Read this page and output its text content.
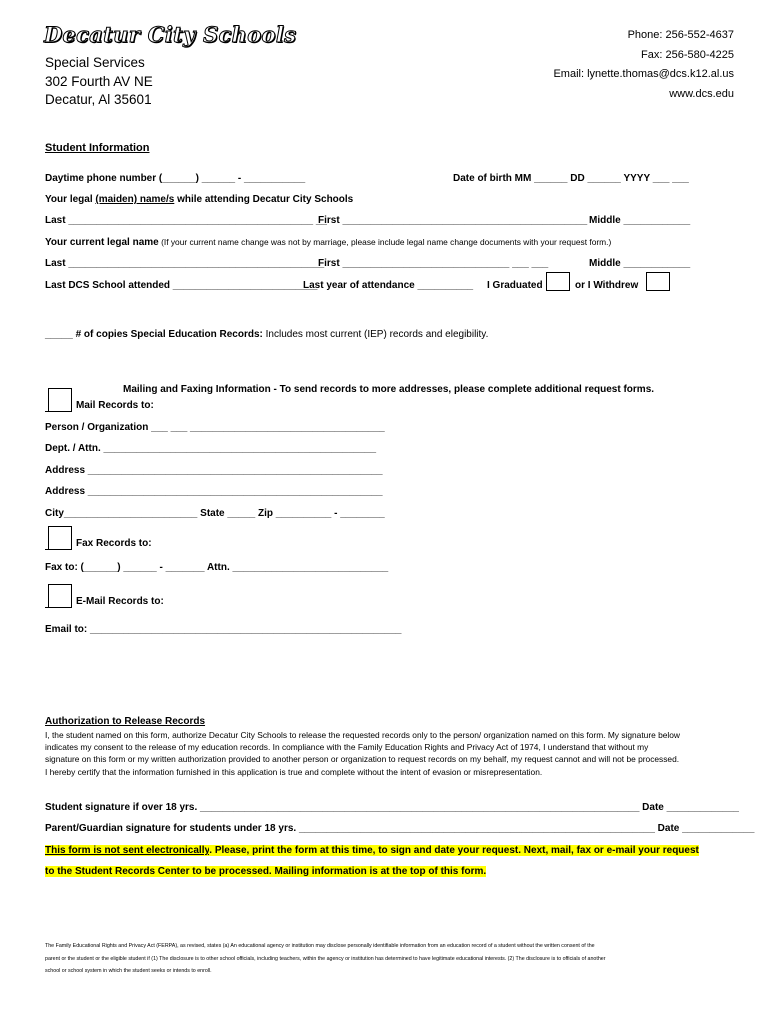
Decatur City Schools
Special Services
302 Fourth AV NE
Decatur, Al 35601
Phone: 256-552-4637
Fax: 256-580-4225
Email: lynette.thomas@dcs.k12.al.us
www.dcs.edu
Student Information
Daytime phone number (______) ______ - ___________	Date of birth MM ______ DD ______ YYYY ___ ___
Your legal (maiden) name/s while attending Decatur City Schools
Last ____________________________________________ __
First ____________________________________________ Middle ____________
Your current legal name (If your current name change was not by marriage, please include legal name change documents with your request form.)
Last ______________________________________________
First ______________________________ ___ ___	Middle ____________
Last DCS School attended __________________________
Last year of attendance __________ I Graduated	or I Withdrew
_____ # of copies Special Education Records: Includes most current (IEP) records and elegibility.
Mailing and Faxing Information - To send records to more addresses, please complete additional request forms.
Mail Records to:
Person / Organization ___ ___ ___________________________________
Dept. / Attn. _________________________________________________
Address _____________________________________________________
Address _____________________________________________________
City________________________ State _____ Zip __________ - ________
Fax Records to:
Fax to: (______) ______ - _______ Attn. ____________________________
E-Mail Records to:
Email to: ________________________________________________________
Authorization to Release Records
I, the student named on this form, authorize Decatur City Schools to release the requested records only to the person/ organization named on this form. My signature below
indicates my consent to the release of my education records. In compliance with the Family Education Rights and Privacy Act of 1974, I understand that without my
signature on this form or my written authorization provided to another person or organization to request records on my behalf, my request cannot and will not be processed.
I hereby certify that the information furnished in this application is true and complete without the intent of evasion or misrepresentation.
Student signature if over 18 yrs. _______________________________________________________________________________ Date _____________
Parent/Guardian signature for students under 18 yrs. ________________________________________________________________ Date _____________
This form is not sent electronically. Please, print the form at this time, to sign and date your request. Next, mail, fax or e-mail your request
to the Student Records Center to be processed. Mailing information is at the top of this form.
The Family Educational Rights and Privacy Act (FERPA), as revised, states (a) An educational agency or institution may disclose personally identifiable information from an education record of a student without the written consent of the
parent or the student or the eligible student if (1) The disclosure is to other school officials, including teachers, within the agency or institution has determined to have legitimate educational interests. (2) The disclosure is to officials of another
school or school system in which the student seeks or intends to enroll.
